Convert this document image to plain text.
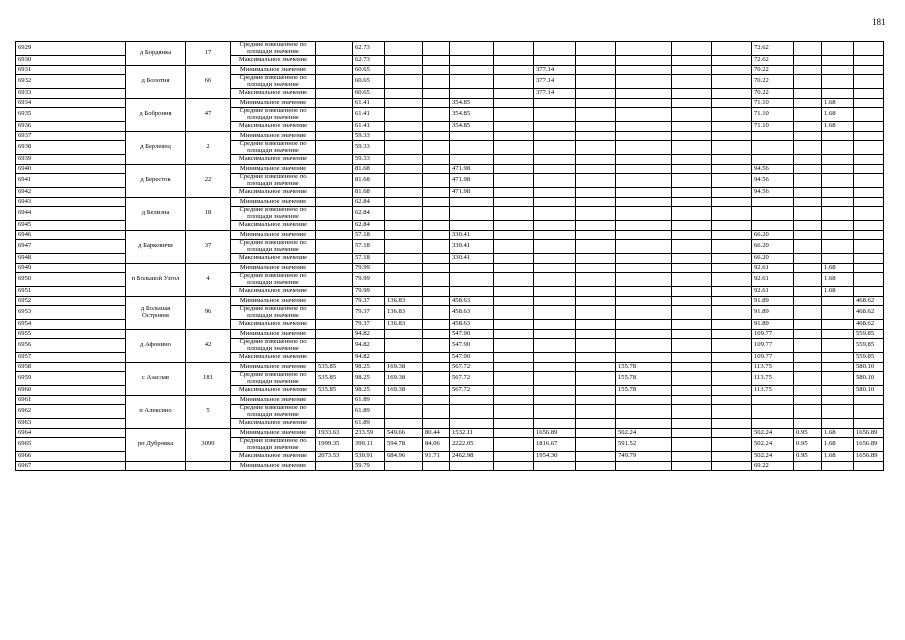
181
6929	д Бордянка	17	Средние взвешенное по площади значение		62.73										72.62			
6930			Максимальное значение		62.73										72.62			
6931	д Болотня	66	Минимальное значение		60.65					377.14					70.22			
6932			Средние взвешенное по площади значение		60.65					377.14					70.22			
6933			Максимальное значение		60.65					377.14					70.22			
6934	д Боброння	47	Минимальное значение		61.41			354.85							71.10		1.68	
6935			Средние взвешенное по площади значение		61.41			354.85							71.10		1.68	
6936			Максимальное значение		61.41			354.85							71.10		1.68	
6937	д Берлевец	2	Минимальное значение		59.33													
6938			Средние взвешенное по площади значение		59.33													
6939			Максимальное значение		59.33													
6940	д Бересток	22	Минимальное значение		81.68			471.98							94.56			
6941			Средние взвешенное по площади значение		81.68			471.98							94.56			
6942			Максимальное значение		81.68			471.98							94.56			
6943	д Белизна	18	Минимальное значение		62.84													
6944			Средние взвешенное по площади значение		62.84													
6945			Максимальное значение		62.84													
6946	д Барковичи	37	Минимальное значение		57.18			330.41							66.20			
6947			Средние взвешенное по площади значение		57.18			330.41							66.20			
6948			Максимальное значение		57.18			330.41							66.20			
6949	п Большой Узгол	4	Минимальное значение		79.99										92.61		1.68	
6950			Средние взвешенное по площади значение		79.99										92.61		1.68	
6951			Максимальное значение		79.99										92.61		1.68	
6952	д Большая Островня	96	Минимальное значение		79.37	136.83		458.63							91.89			468.62
6953			Средние взвешенное по площади значение		79.37	136.83		458.63							91.89			468.62
6954			Максимальное значение		79.37	136.83		458.63							91.89			468.62
6955	д Афонино	42	Минимальное значение		94.82			547.90							109.77			559.85
6956			Средние взвешенное по площади значение		94.82			547.90							109.77			559.85
6957			Максимальное значение		94.82			547.90							109.77			559.85
6958	с Азаслав	181	Минимальное значение	535.85	98.25	169.38		567.72				155.78			113.75			580.10
6959			Средние взвешенное по площади значение	535.85	98.25	169.38		567.72				155.78			113.75			580.10
6960			Максимальное значение	535.85	98.25	169.38		567.72				155.78			113.75			580.10
6961	п Алексино	5	Минимальное значение		61.89													
6962			Средние взвешенное по площади значение		61.89													
6963			Максимальное значение		61.89													
6964	рп Дубровка	3099	Минимальное значение	1933.63	233.59	549.66	80.44	1532.11		1656.89		502.24			502.24	0.95	1.68	1656.89
6965			Средние взвешенное по площади значение	1999.35	390.11	594.78	84.06	2222.05		1816.67		591.52			502.24	0.95	1.68	1656.89
6966			Максимальное значение	2073.53	530.91	684.96	91.71	2462.98		1954.30		749.79			502.24	0.95	1.68	1656.89
6967			Минимальное значение		59.79										69.22			
